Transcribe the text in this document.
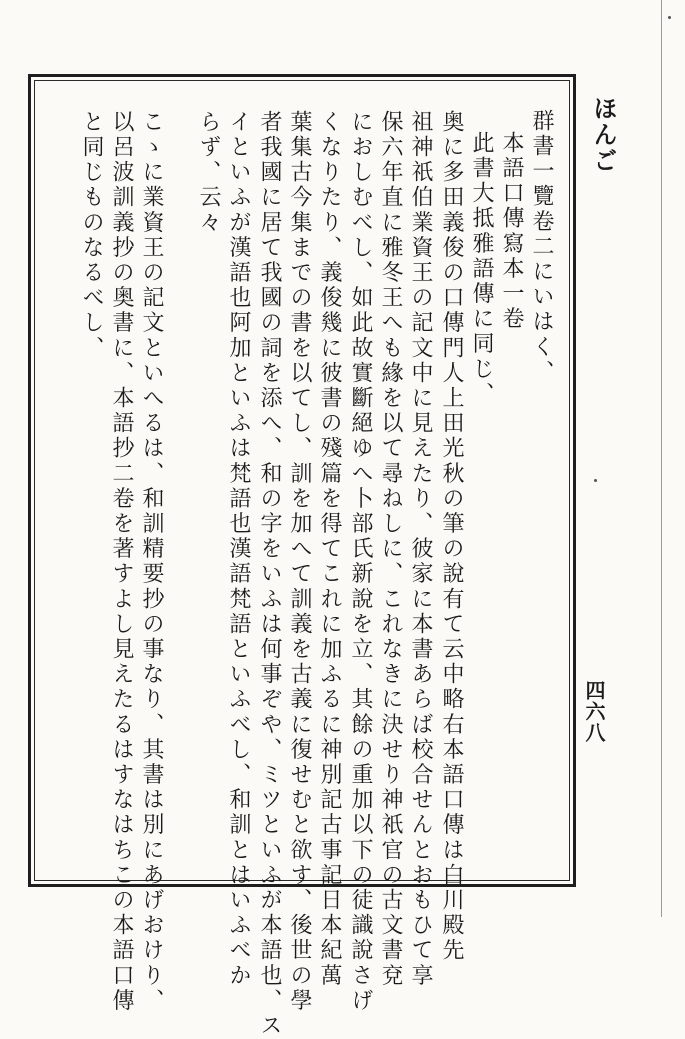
ほんご
四六八
群書一覽卷二にいはく、
本語口傳寫本一卷
此書大抵雅語傳に同じ、
奥に多田義俊の口傳門人上田光秋の筆の說有て云中略右本語口傳は白川殿先
祖神祇伯業資王の記文中に見えたり、彼家に本書あらば校合せんとおもひて享
保六年直に雅冬王へも緣を以て尋ねしに、これなきに決せり神祇官の古文書兗
におしむべし、如此故實斷絕ゆへ卜部氏新說を立、其餘の重加以下の徒識說さげ
くなりたり、義俊幾に彼書の殘篇を得てこれに加ふるに神別記古事記日本紀萬
葉集古今集までの書を以てし、訓を加へて訓義を古義に復せむと欲す、後世の學
者我國に居て我國の詞を添へ、和の字をいふは何事ぞや、ミツといふが本語也、ス
イといふが漢語也阿加といふは梵語也漢語梵語といふべし、和訓とはいふべか
らず、云々
こゝに業資王の記文といへるは、和訓精要抄の事なり、其書は別にあげおけり、
以呂波訓義抄の奥書に、本語抄二卷を著すよし見えたるはすなはちこの本語口傳
と同じものなるべし、
